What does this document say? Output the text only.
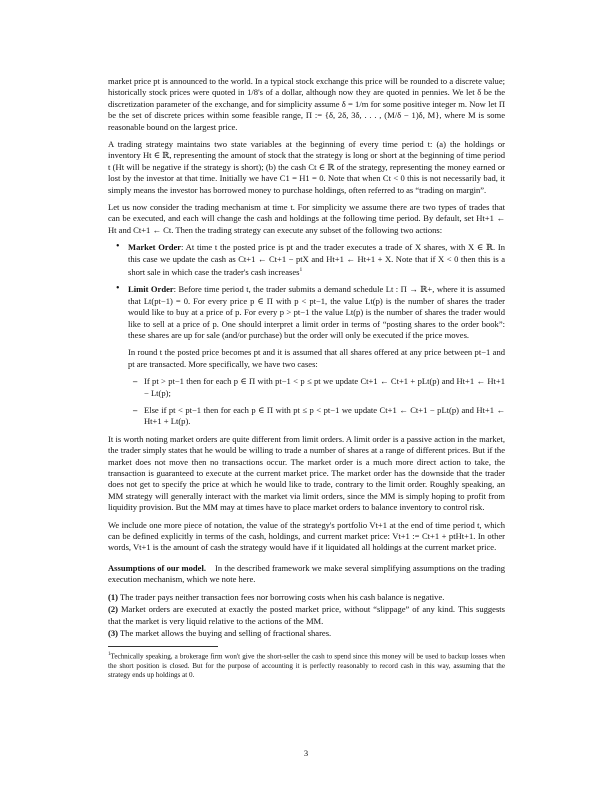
market price pt is announced to the world. In a typical stock exchange this price will be rounded to a discrete value; historically stock prices were quoted in 1/8's of a dollar, although now they are quoted in pennies. We let δ be the discretization parameter of the exchange, and for simplicity assume δ = 1/m for some positive integer m. Now let Π be the set of discrete prices within some feasible range, Π := {δ, 2δ, 3δ, . . . , (M/δ − 1)δ, M}, where M is some reasonable bound on the largest price.

A trading strategy maintains two state variables at the beginning of every time period t: (a) the holdings or inventory Ht ∈ ℝ, representing the amount of stock that the strategy is long or short at the beginning of time period t (Ht will be negative if the strategy is short); (b) the cash Ct ∈ ℝ of the strategy, representing the money earned or lost by the investor at that time. Initially we have C1 = H1 = 0. Note that when Ct < 0 this is not necessarily bad, it simply means the investor has borrowed money to purchase holdings, often referred to as “trading on margin”.

Let us now consider the trading mechanism at time t. For simplicity we assume there are two types of trades that can be executed, and each will change the cash and holdings at the following time period. By default, set Ht+1 ← Ht and Ct+1 ← Ct. Then the trading strategy can execute any subset of the following two actions:

• Market Order: At time t the posted price is pt and the trader executes a trade of X shares, with X ∈ ℝ. In this case we update the cash as Ct+1 ← Ct+1 − ptX and Ht+1 ← Ht+1 + X. Note that if X < 0 then this is a short sale in which case the trader's cash increases$^1$

• Limit Order: Before time period t, the trader submits a demand schedule Lt : Π → ℝ+, where it is assumed that Lt(pt−1) = 0. For every price p ∈ Π with p < pt−1, the value Lt(p) is the number of shares the trader would like to buy at a price of p. For every p > pt−1 the value Lt(p) is the number of shares the trader would like to sell at a price of p. One should interpret a limit order in terms of “posting shares to the order book”: these shares are up for sale (and/or purchase) but the order will only be executed if the price moves.

In round t the posted price becomes pt and it is assumed that all shares offered at any price between pt−1 and pt are transacted. More specifically, we have two cases:

– If pt > pt−1 then for each p ∈ Π with pt−1 < p ≤ pt we update Ct+1 ← Ct+1 + pLt(p) and Ht+1 ← Ht+1 − Lt(p);

– Else if pt < pt−1 then for each p ∈ Π with pt ≤ p < pt−1 we update Ct+1 ← Ct+1 − pLt(p) and Ht+1 ← Ht+1 + Lt(p).

It is worth noting market orders are quite different from limit orders. A limit order is a passive action in the market, the trader simply states that he would be willing to trade a number of shares at a range of different prices. But if the market does not move then no transactions occur. The market order is a much more direct action to take, the transaction is guaranteed to execute at the current market price. The market order has the downside that the trader does not get to specify the price at which he would like to trade, contrary to the limit order. Roughly speaking, an MM strategy will generally interact with the market via limit orders, since the MM is simply hoping to profit from liquidity provision. But the MM may at times have to place market orders to balance inventory to control risk.

We include one more piece of notation, the value of the strategy's portfolio Vt+1 at the end of time period t, which can be defined explicitly in terms of the cash, holdings, and current market price: Vt+1 := Ct+1 + ptHt+1. In other words, Vt+1 is the amount of cash the strategy would have if it liquidated all holdings at the current market price.

Assumptions of our model. In the described framework we make several simplifying assumptions on the trading execution mechanism, which we note here.

(1) The trader pays neither transaction fees nor borrowing costs when his cash balance is negative.

(2) Market orders are executed at exactly the posted market price, without “slippage” of any kind. This suggests that the market is very liquid relative to the actions of the MM.

(3) The market allows the buying and selling of fractional shares.

$^1$Technically speaking, a brokerage firm won't give the short-seller the cash to spend since this money will be used to backup losses when the short position is closed. But for the purpose of accounting it is perfectly reasonably to record cash in this way, assuming that the strategy ends up holdings at 0.
3
